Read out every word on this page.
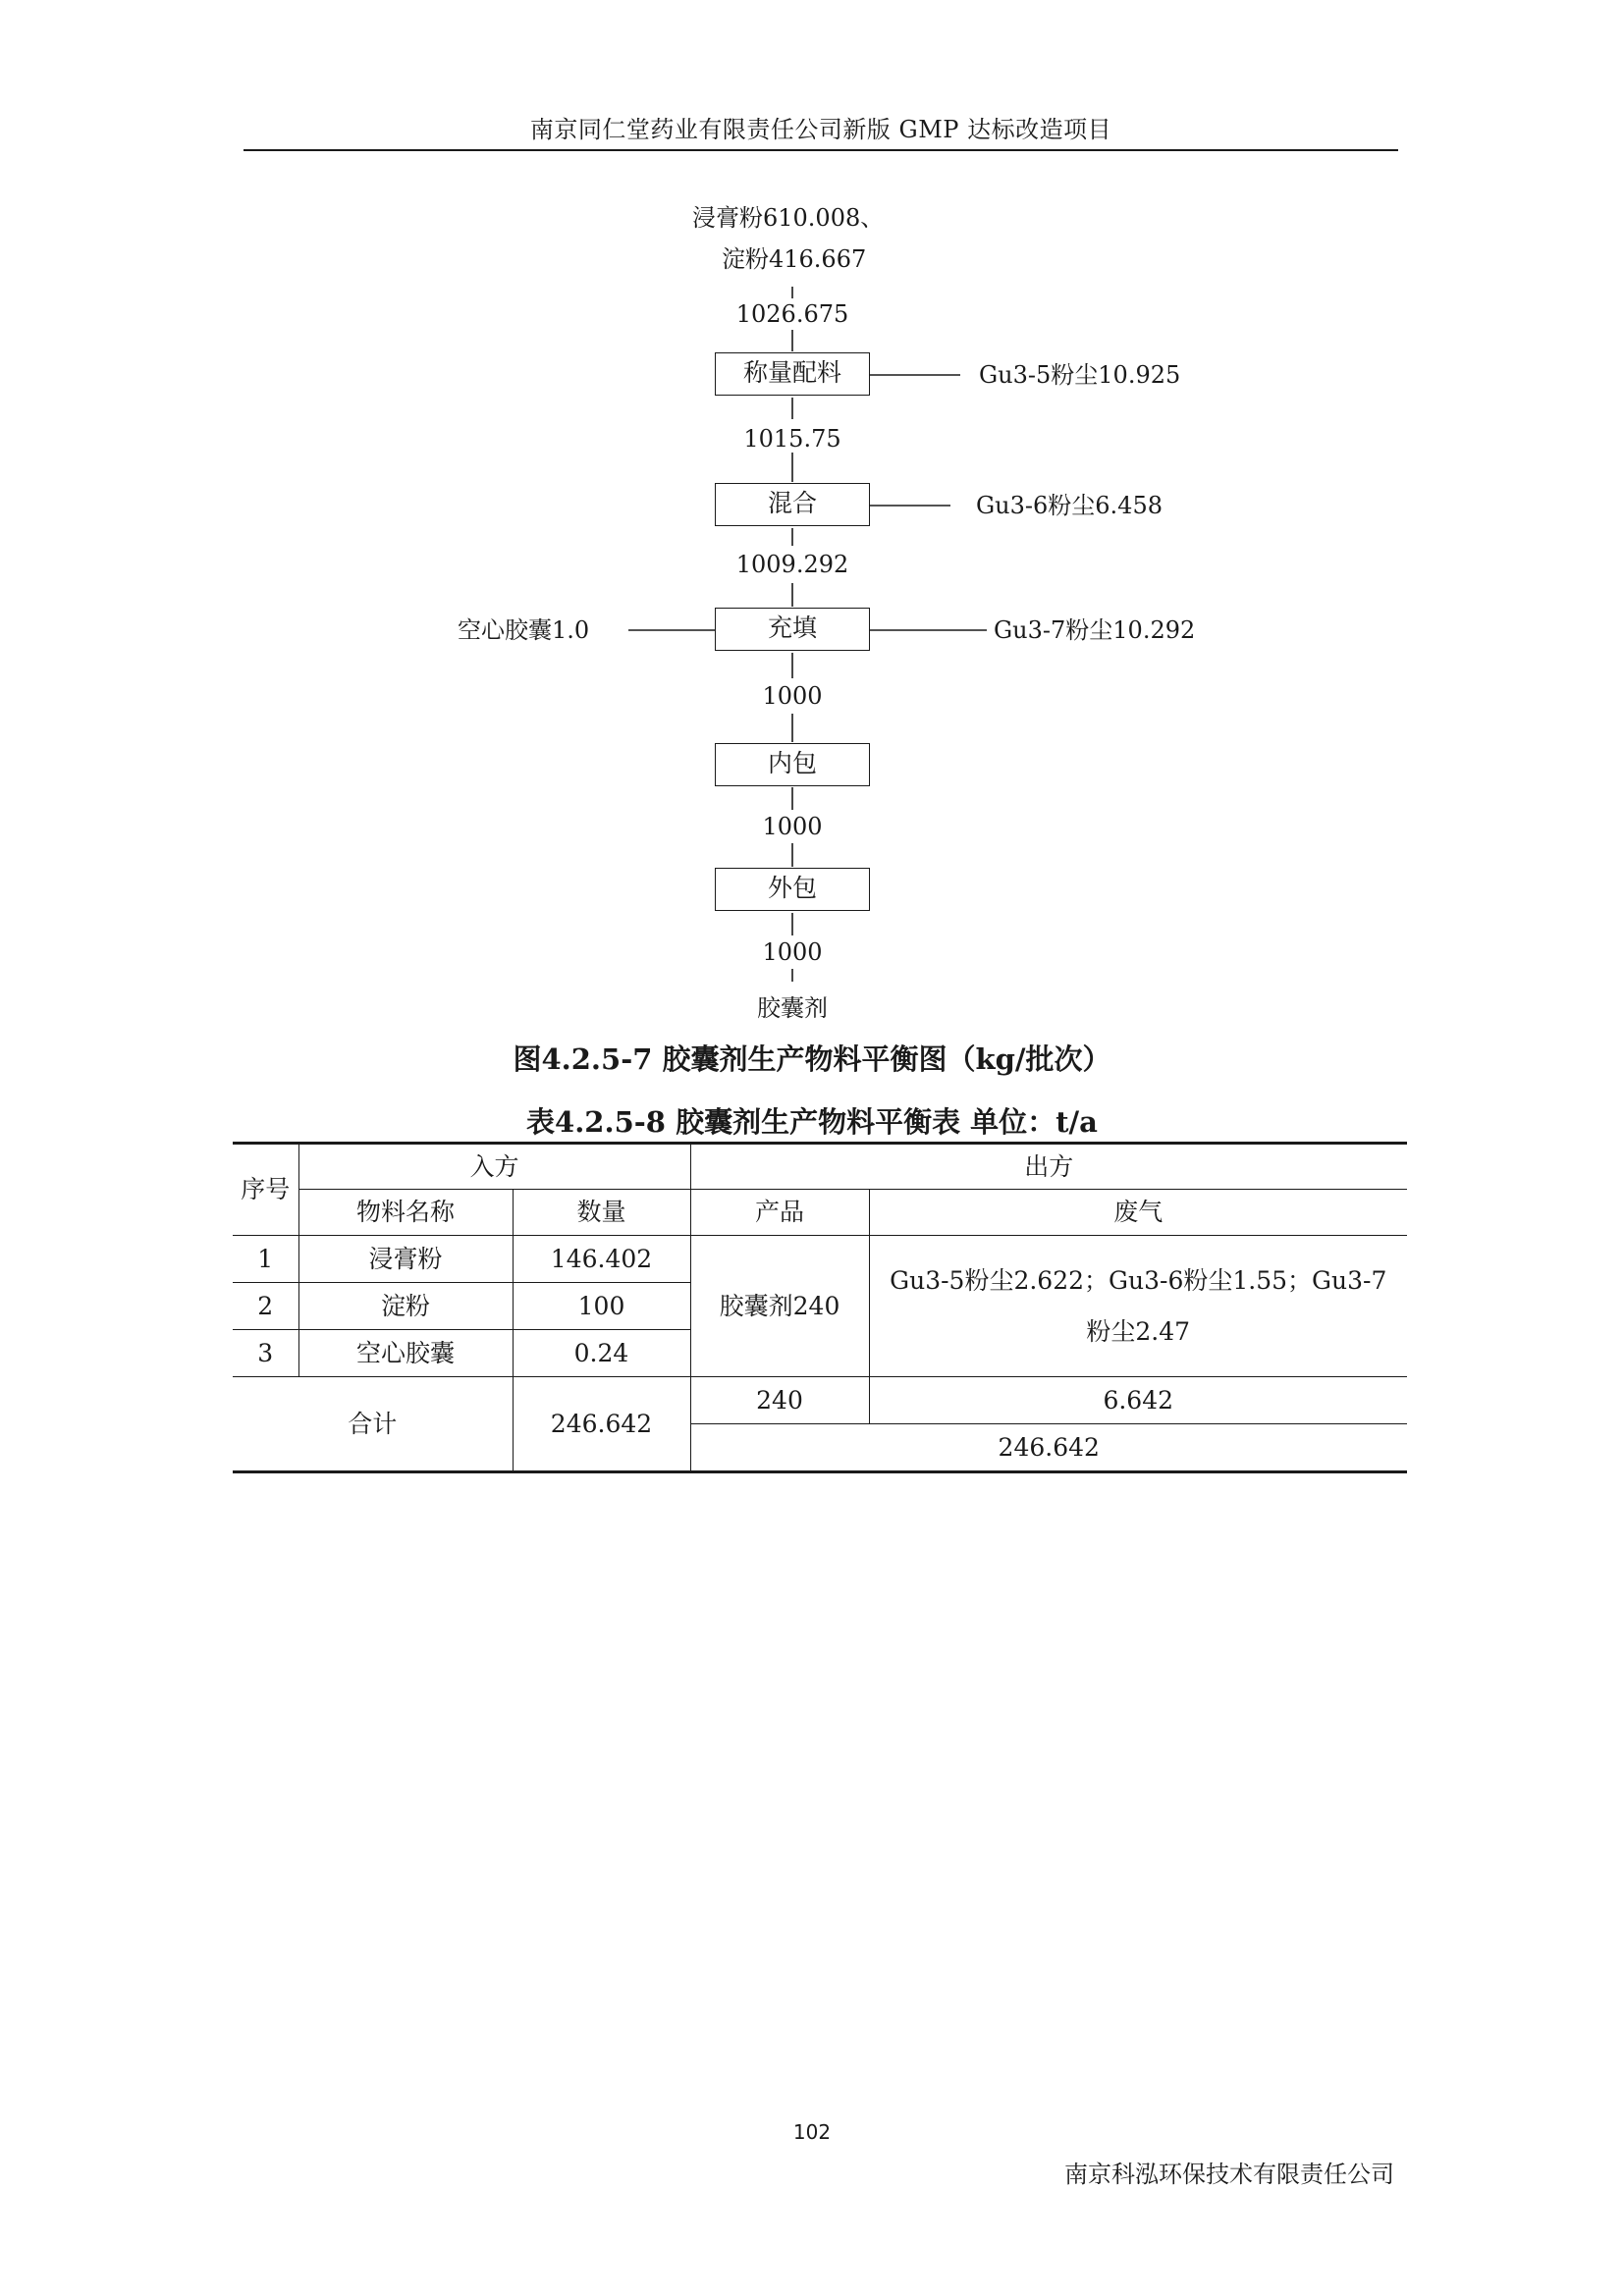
南京同仁堂药业有限责任公司新版 GMP 达标改造项目
浸膏粉610.008、
淀粉416.667
1026.675
称量配料	Gu3-5粉尘10.925
1015.75
混合	Gu3-6粉尘6.458
1009.292
充填	Gu3-7粉尘10.292
空心胶囊1.0
1000
内包
1000
外包
1000
胶囊剂
图4.2.5-7 胶囊剂生产物料平衡图（kg/批次）
表4.2.5-8 胶囊剂生产物料平衡表 单位：t/a
序号	入方		出方	
	物料名称	数量	产品	废气
1	浸膏粉	146.402	胶囊剂240	Gu3-5粉尘2.622；Gu3-6粉尘1.55；Gu3-7粉尘2.47
2	淀粉	100		
3	空心胶囊	0.24		
合计		246.642	240	6.642
			246.642	
102
南京科泓环保技术有限责任公司
